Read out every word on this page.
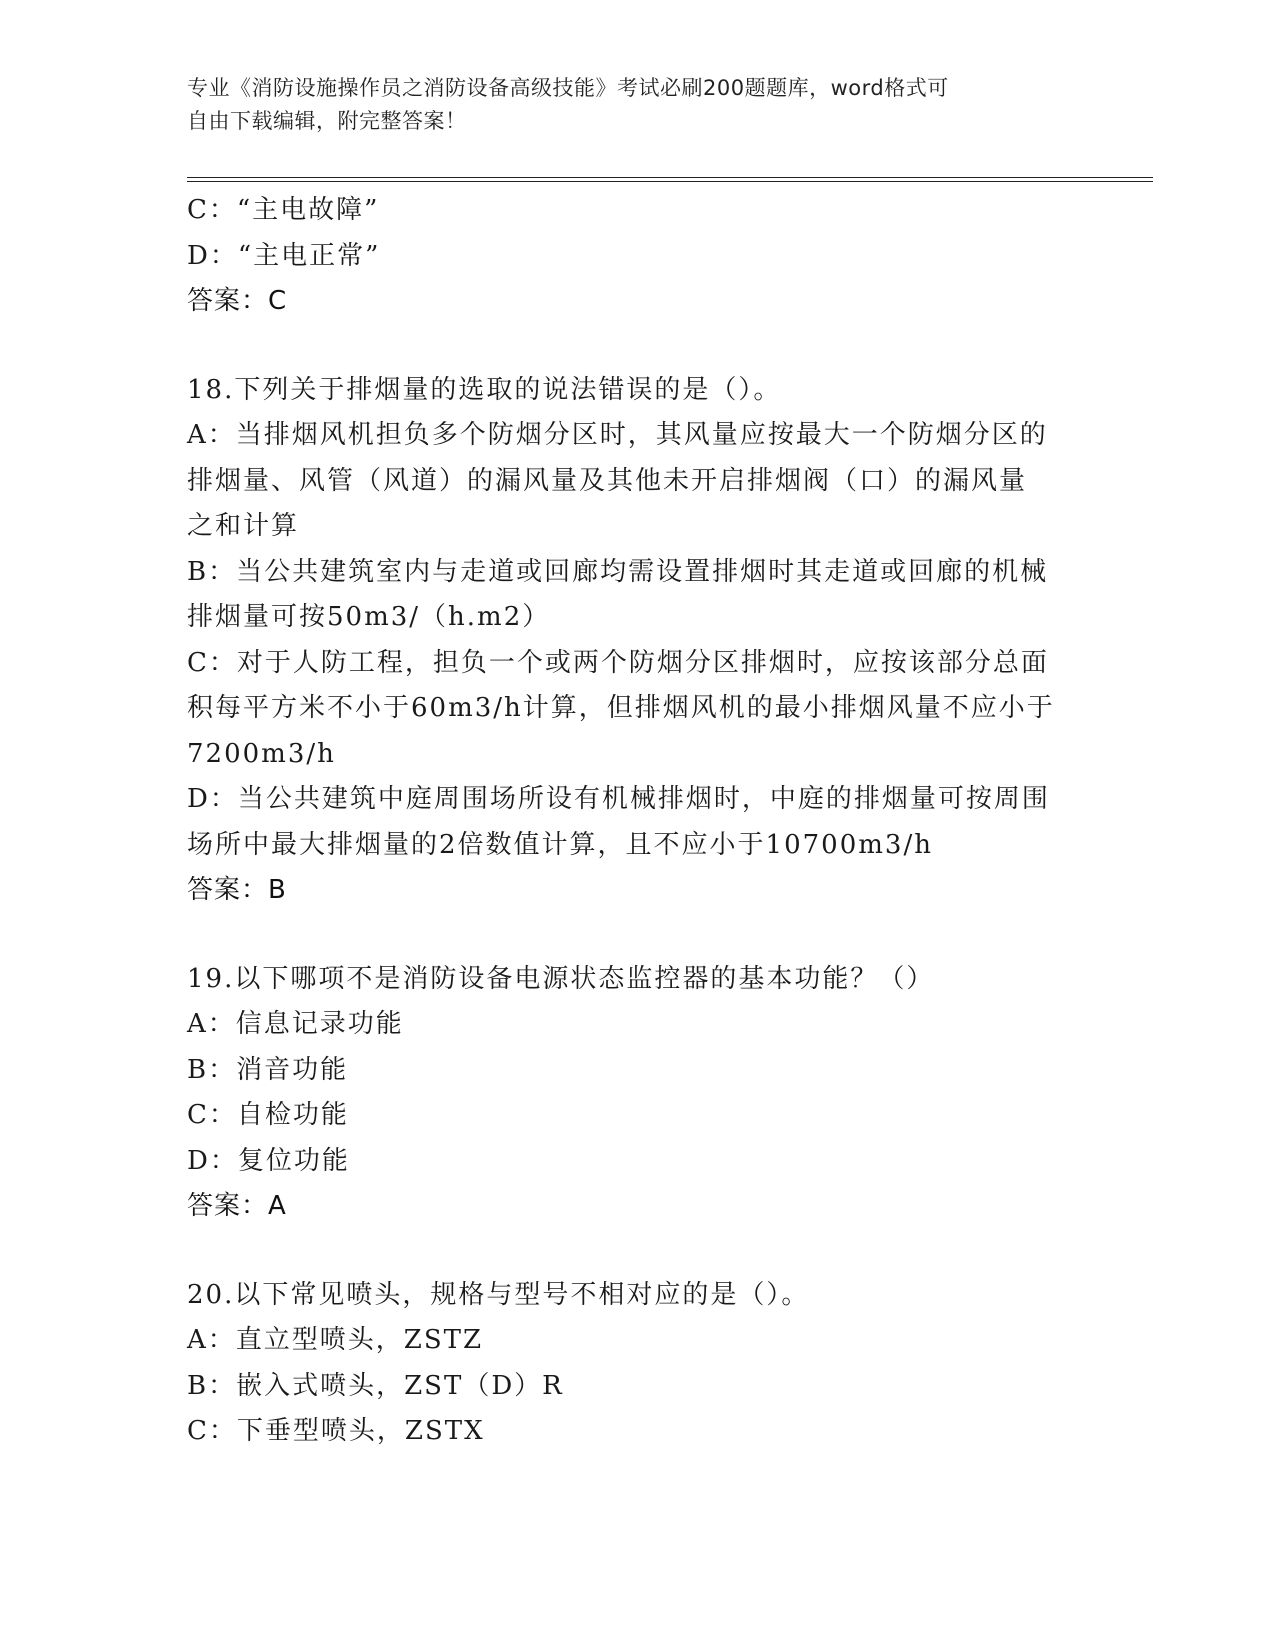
专业《消防设施操作员之消防设备高级技能》考试必刷200题题库，word格式可
自由下载编辑，附完整答案！
C：“主电故障”
D：“主电正常”
答案：C
18.下列关于排烟量的选取的说法错误的是（）。
A：当排烟风机担负多个防烟分区时，其风量应按最大一个防烟分区的
排烟量、风管（风道）的漏风量及其他未开启排烟阀（口）的漏风量
之和计算
B：当公共建筑室内与走道或回廊均需设置排烟时其走道或回廊的机械
排烟量可按50m3/（h.m2）
C：对于人防工程，担负一个或两个防烟分区排烟时，应按该部分总面
积每平方米不小于60m3/h计算，但排烟风机的最小排烟风量不应小于
7200m3/h
D：当公共建筑中庭周围场所设有机械排烟时，中庭的排烟量可按周围
场所中最大排烟量的2倍数值计算，且不应小于10700m3/h
答案：B
19.以下哪项不是消防设备电源状态监控器的基本功能？（）
A：信息记录功能
B：消音功能
C：自检功能
D：复位功能
答案：A
20.以下常见喷头，规格与型号不相对应的是（）。
A：直立型喷头，ZSTZ
B：嵌入式喷头，ZST（D）R
C：下垂型喷头，ZSTX
